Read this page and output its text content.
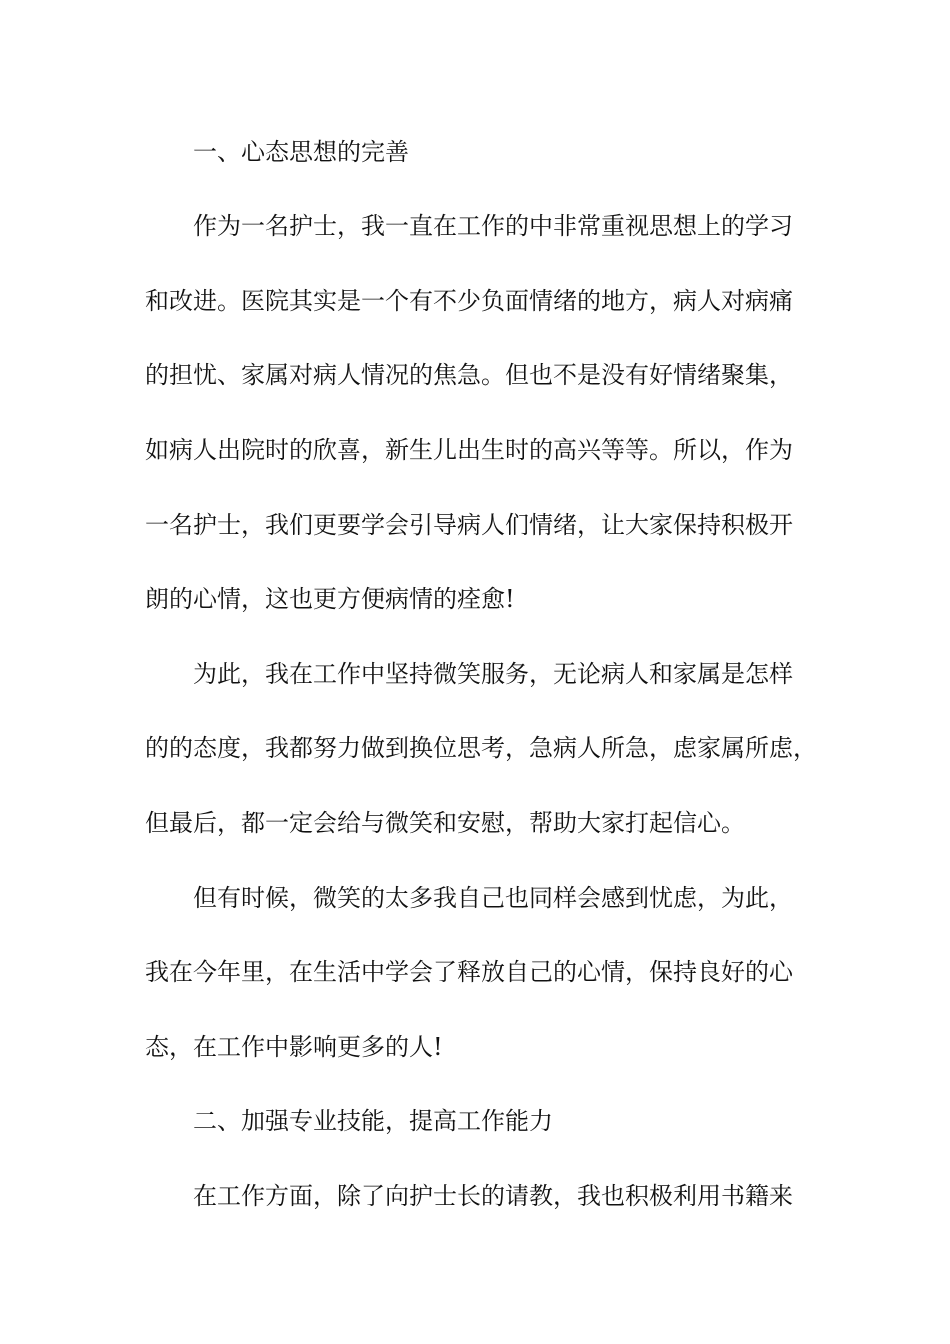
一、心态思想的完善
作为一名护士，我一直在工作的中非常重视思想上的学习
和改进。医院其实是一个有不少负面情绪的地方，病人对病痛
的担忧、家属对病人情况的焦急。但也不是没有好情绪聚集，
如病人出院时的欣喜，新生儿出生时的高兴等等。所以，作为
一名护士，我们更要学会引导病人们情绪，让大家保持积极开
朗的心情，这也更方便病情的痊愈!
为此，我在工作中坚持微笑服务，无论病人和家属是怎样
的的态度，我都努力做到换位思考，急病人所急，虑家属所虑，
但最后，都一定会给与微笑和安慰，帮助大家打起信心。
但有时候，微笑的太多我自己也同样会感到忧虑，为此，
我在今年里，在生活中学会了释放自己的心情，保持良好的心
态，在工作中影响更多的人!
二、加强专业技能，提高工作能力
在工作方面，除了向护士长的请教，我也积极利用书籍来
